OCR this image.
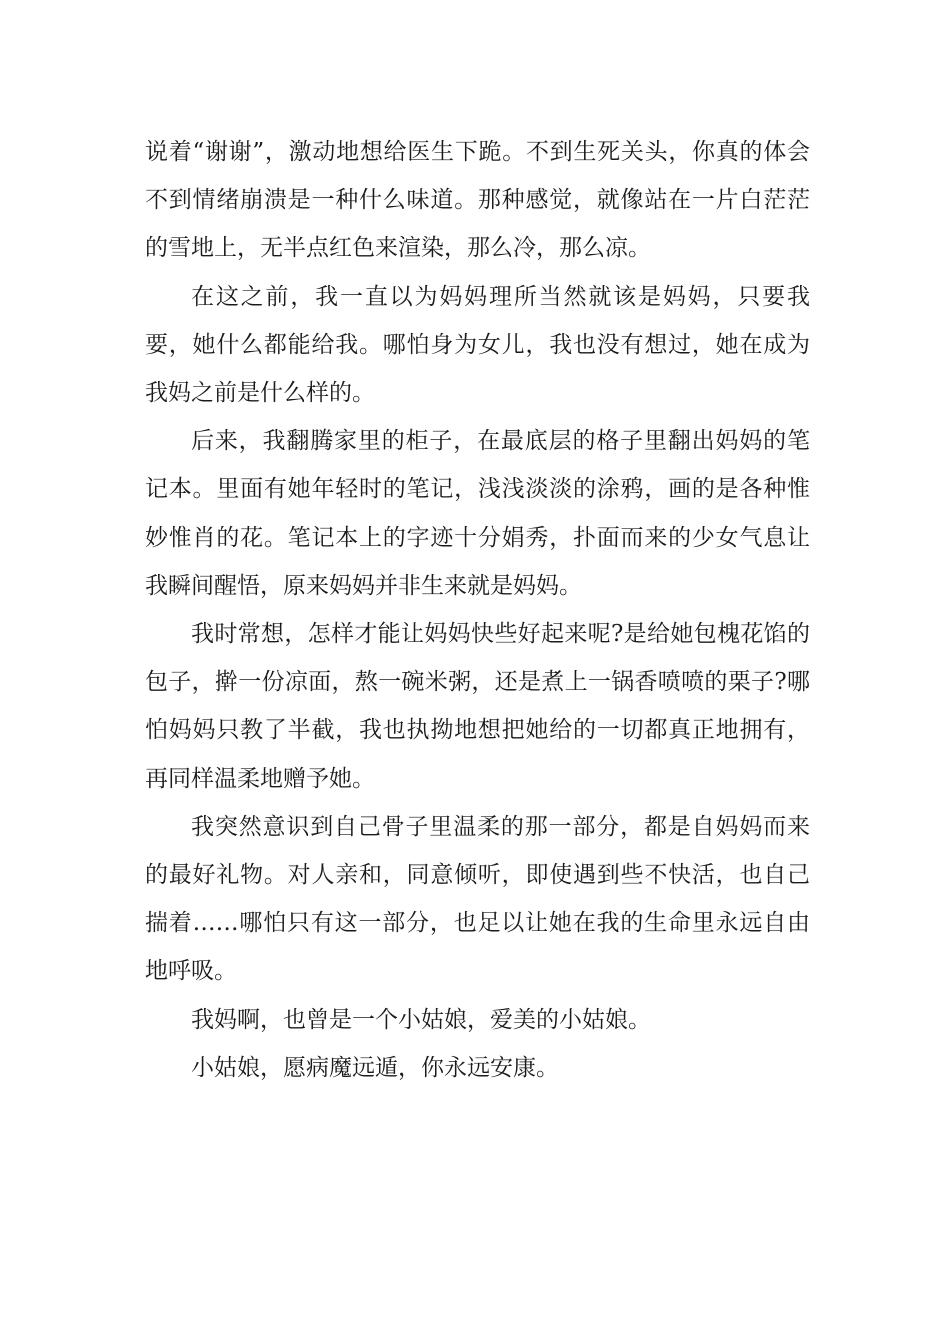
说着“谢谢”，激动地想给医生下跪。不到生死关头，你真的体会不到情绪崩溃是一种什么味道。那种感觉，就像站在一片白茫茫的雪地上，无半点红色来渲染，那么冷，那么凉。

在这之前，我一直以为妈妈理所当然就该是妈妈，只要我要，她什么都能给我。哪怕身为女儿，我也没有想过，她在成为我妈之前是什么样的。

后来，我翻腾家里的柜子，在最底层的格子里翻出妈妈的笔记本。里面有她年轻时的笔记，浅浅淡淡的涂鸦，画的是各种惟妙惟肖的花。笔记本上的字迹十分娟秀，扑面而来的少女气息让我瞬间醒悟，原来妈妈并非生来就是妈妈。

我时常想，怎样才能让妈妈快些好起来呢?是给她包槐花馅的包子，擀一份凉面，熬一碗米粥，还是煮上一锅香喷喷的栗子?哪怕妈妈只教了半截，我也执拗地想把她给的一切都真正地拥有，再同样温柔地赠予她。

我突然意识到自己骨子里温柔的那一部分，都是自妈妈而来的最好礼物。对人亲和，同意倾听，即使遇到些不快活，也自己揣着……哪怕只有这一部分，也足以让她在我的生命里永远自由地呼吸。

我妈啊，也曾是一个小姑娘，爱美的小姑娘。

小姑娘，愿病魔远遁，你永远安康。
